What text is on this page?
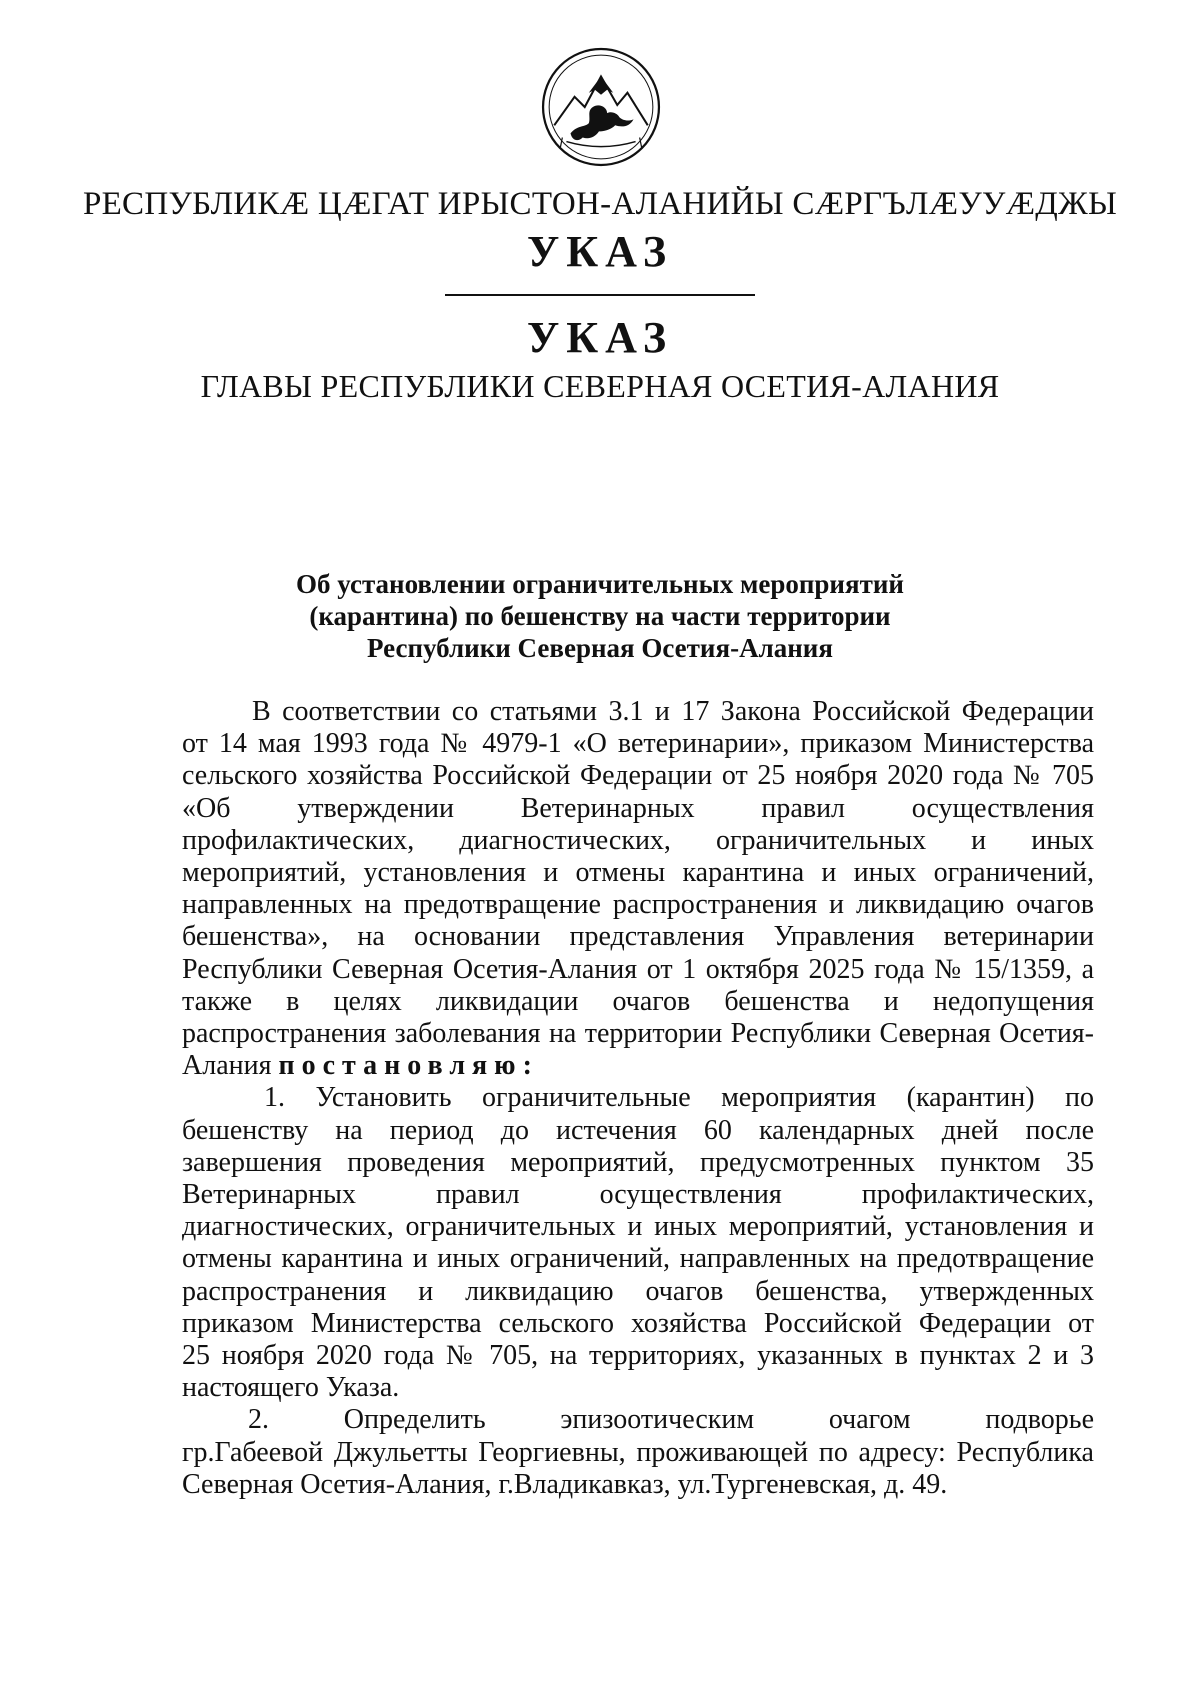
РЕСПУБЛИКÆ ЦÆГАТ ИРЫСТОН-АЛАНИЙЫ СÆРГЪЛÆУУÆДЖЫ
УКАЗ
УКАЗ
ГЛАВЫ РЕСПУБЛИКИ СЕВЕРНАЯ ОСЕТИЯ-АЛАНИЯ
Об установлении ограничительных мероприятий
(карантина) по бешенству на части территории
Республики Северная Осетия-Алания
В соответствии со статьями 3.1 и 17 Закона Российской Федерации
от 14 мая 1993 года № 4979-1 «О ветеринарии», приказом Министерства
сельского хозяйства Российской Федерации от 25 ноября 2020 года № 705
«Об утверждении Ветеринарных правил осуществления
профилактических, диагностических, ограничительных и иных
мероприятий, установления и отмены карантина и иных ограничений,
направленных на предотвращение распространения и ликвидацию очагов
бешенства», на основании представления Управления ветеринарии
Республики Северная Осетия-Алания от 1 октября 2025 года № 15/1359, а
также в целях ликвидации очагов бешенства и недопущения
распространения заболевания на территории Республики Северная Осетия-
Алания постановляю:
1. Установить ограничительные мероприятия (карантин) по
бешенству на период до истечения 60 календарных дней после
завершения проведения мероприятий, предусмотренных пунктом 35
Ветеринарных правил осуществления профилактических,
диагностических, ограничительных и иных мероприятий, установления и
отмены карантина и иных ограничений, направленных на предотвращение
распространения и ликвидацию очагов бешенства, утвержденных
приказом Министерства сельского хозяйства Российской Федерации от
25 ноября 2020 года № 705, на территориях, указанных в пунктах 2 и 3
настоящего Указа.
2. Определить эпизоотическим очагом подворье
гр.Габеевой Джульетты Георгиевны, проживающей по адресу: Республика
Северная Осетия-Алания, г.Владикавказ, ул.Тургеневская, д. 49.
